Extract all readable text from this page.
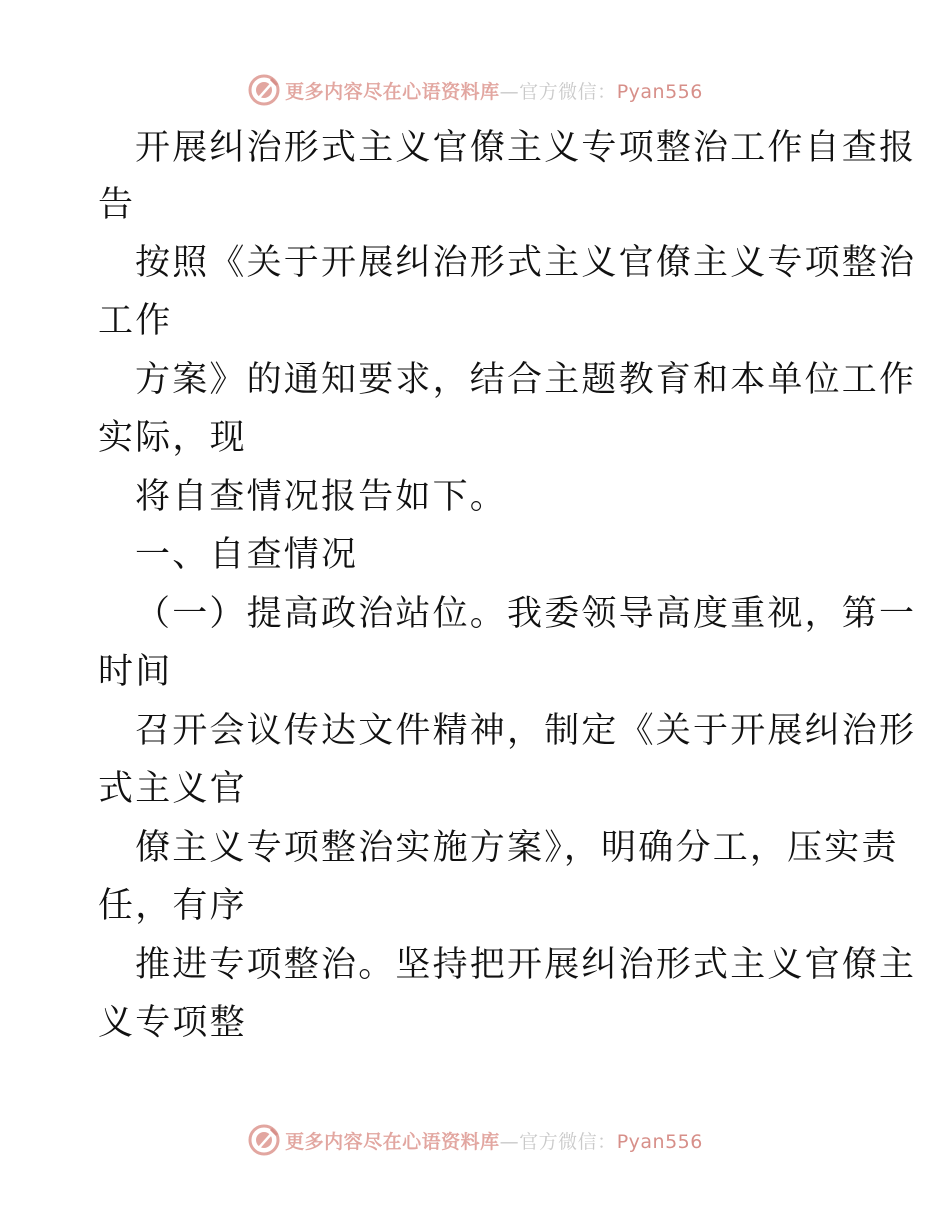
更多内容尽在心语资料库—官方微信：Pyan556
开展纠治形式主义官僚主义专项整治工作自查报
告
按照《关于开展纠治形式主义官僚主义专项整治
工作
方案》的通知要求，结合主题教育和本单位工作
实际，现
将自查情况报告如下。
一、自查情况
（一）提高政治站位。我委领导高度重视，第一
时间
召开会议传达文件精神，制定《关于开展纠治形
式主义官
僚主义专项整治实施方案》，明确分工，压实责
任，有序
推进专项整治。坚持把开展纠治形式主义官僚主
义专项整
更多内容尽在心语资料库—官方微信：Pyan556
